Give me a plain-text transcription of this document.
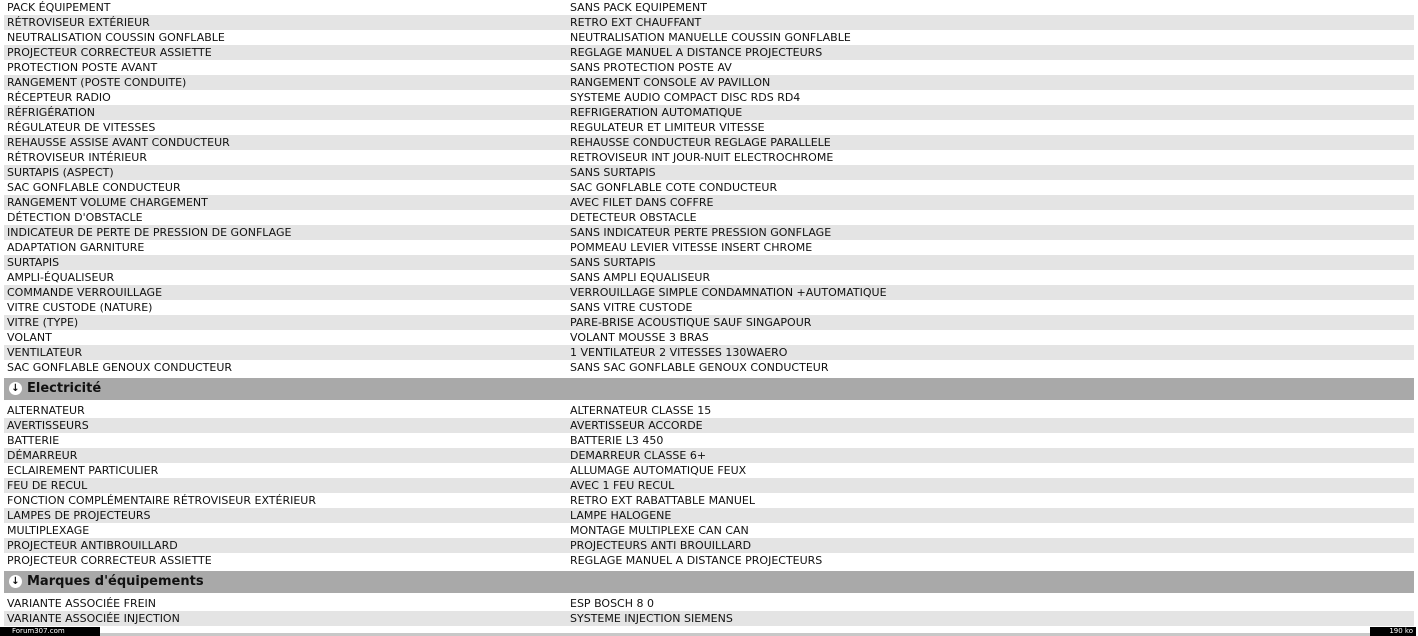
PACK ÉQUIPEMENT	SANS PACK EQUIPEMENT
RÉTROVISEUR EXTÉRIEUR	RETRO EXT CHAUFFANT
NEUTRALISATION COUSSIN GONFLABLE	NEUTRALISATION MANUELLE COUSSIN GONFLABLE
PROJECTEUR CORRECTEUR ASSIETTE	REGLAGE MANUEL A DISTANCE PROJECTEURS
PROTECTION POSTE AVANT	SANS PROTECTION POSTE AV
RANGEMENT (POSTE CONDUITE)	RANGEMENT CONSOLE AV PAVILLON
RÉCEPTEUR RADIO	SYSTEME AUDIO COMPACT DISC RDS RD4
RÉFRIGÉRATION	REFRIGERATION AUTOMATIQUE
RÉGULATEUR DE VITESSES	REGULATEUR ET LIMITEUR VITESSE
REHAUSSE ASSISE AVANT CONDUCTEUR	REHAUSSE CONDUCTEUR REGLAGE PARALLELE
RÉTROVISEUR INTÉRIEUR	RETROVISEUR INT JOUR-NUIT ELECTROCHROME
SURTAPIS (ASPECT)	SANS SURTAPIS
SAC GONFLABLE CONDUCTEUR	SAC GONFLABLE COTE CONDUCTEUR
RANGEMENT VOLUME CHARGEMENT	AVEC FILET DANS COFFRE
DÉTECTION D'OBSTACLE	DETECTEUR OBSTACLE
INDICATEUR DE PERTE DE PRESSION DE GONFLAGE	SANS INDICATEUR PERTE PRESSION GONFLAGE
ADAPTATION GARNITURE	POMMEAU LEVIER VITESSE INSERT CHROME
SURTAPIS	SANS SURTAPIS
AMPLI-ÉQUALISEUR	SANS AMPLI EQUALISEUR
COMMANDE VERROUILLAGE	VERROUILLAGE SIMPLE CONDAMNATION +AUTOMATIQUE
VITRE CUSTODE (NATURE)	SANS VITRE CUSTODE
VITRE (TYPE)	PARE-BRISE ACOUSTIQUE SAUF SINGAPOUR
VOLANT	VOLANT MOUSSE 3 BRAS
VENTILATEUR	1 VENTILATEUR 2 VITESSES 130WAERO
SAC GONFLABLE GENOUX CONDUCTEUR	SANS SAC GONFLABLE GENOUX CONDUCTEUR
↓ Electricité
ALTERNATEUR	ALTERNATEUR CLASSE 15
AVERTISSEURS	AVERTISSEUR ACCORDE
BATTERIE	BATTERIE L3 450
DÉMARREUR	DEMARREUR CLASSE 6+
ECLAIREMENT PARTICULIER	ALLUMAGE AUTOMATIQUE FEUX
FEU DE RECUL	AVEC 1 FEU RECUL
FONCTION COMPLÉMENTAIRE RÉTROVISEUR EXTÉRIEUR	RETRO EXT RABATTABLE MANUEL
LAMPES DE PROJECTEURS	LAMPE HALOGENE
MULTIPLEXAGE	MONTAGE MULTIPLEXE CAN CAN
PROJECTEUR ANTIBROUILLARD	PROJECTEURS ANTI BROUILLARD
PROJECTEUR CORRECTEUR ASSIETTE	REGLAGE MANUEL A DISTANCE PROJECTEURS
↓ Marques d'équipements
VARIANTE ASSOCIÉE FREIN	ESP BOSCH 8 0
VARIANTE ASSOCIÉE INJECTION	SYSTEME INJECTION SIEMENS
Forum307.com	190 ko
